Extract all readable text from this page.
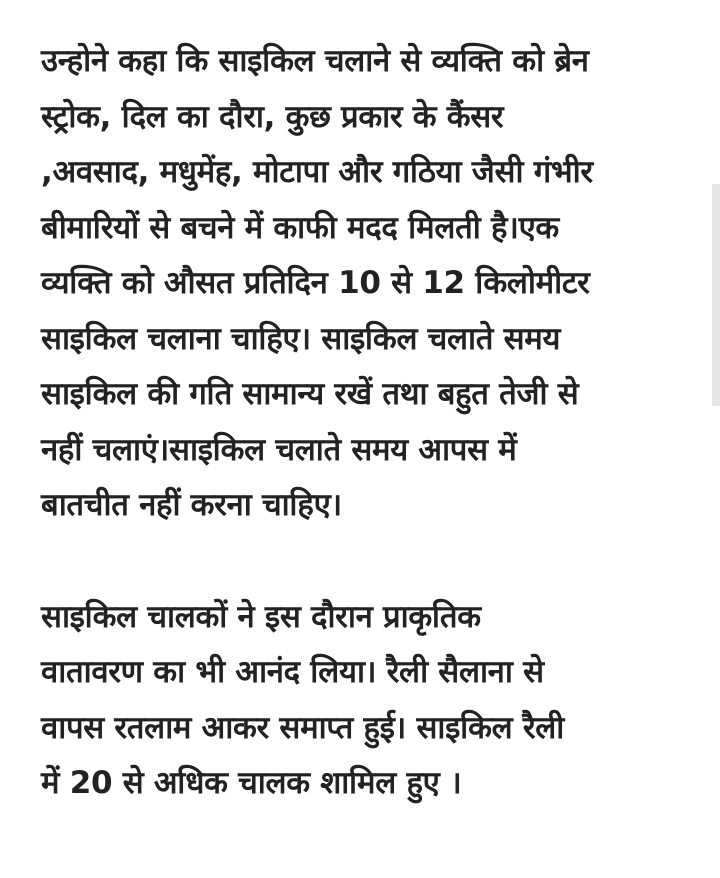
उन्होने कहा कि साइकिल चलाने से व्यक्ति को ब्रेन
स्ट्रोक, दिल का दौरा, कुछ प्रकार के कैंसर
,अवसाद, मधुमेंह, मोटापा और गठिया जैसी गंभीर
बीमारियों से बचने में काफी मदद मिलती है।एक
व्यक्ति को औसत प्रतिदिन 10 से 12 किलोमीटर
साइकिल चलाना चाहिए। साइकिल चलाते समय
साइकिल की गति सामान्य रखें तथा बहुत तेजी से
नहीं चलाएं।साइकिल चलाते समय आपस में
बातचीत नहीं करना चाहिए।
साइकिल चालकों ने इस दौरान प्राकृतिक
वातावरण का भी आनंद लिया। रैली सैलाना से
वापस रतलाम आकर समाप्त हुई। साइकिल रैली
में 20 से अधिक चालक शामिल हुए ।
